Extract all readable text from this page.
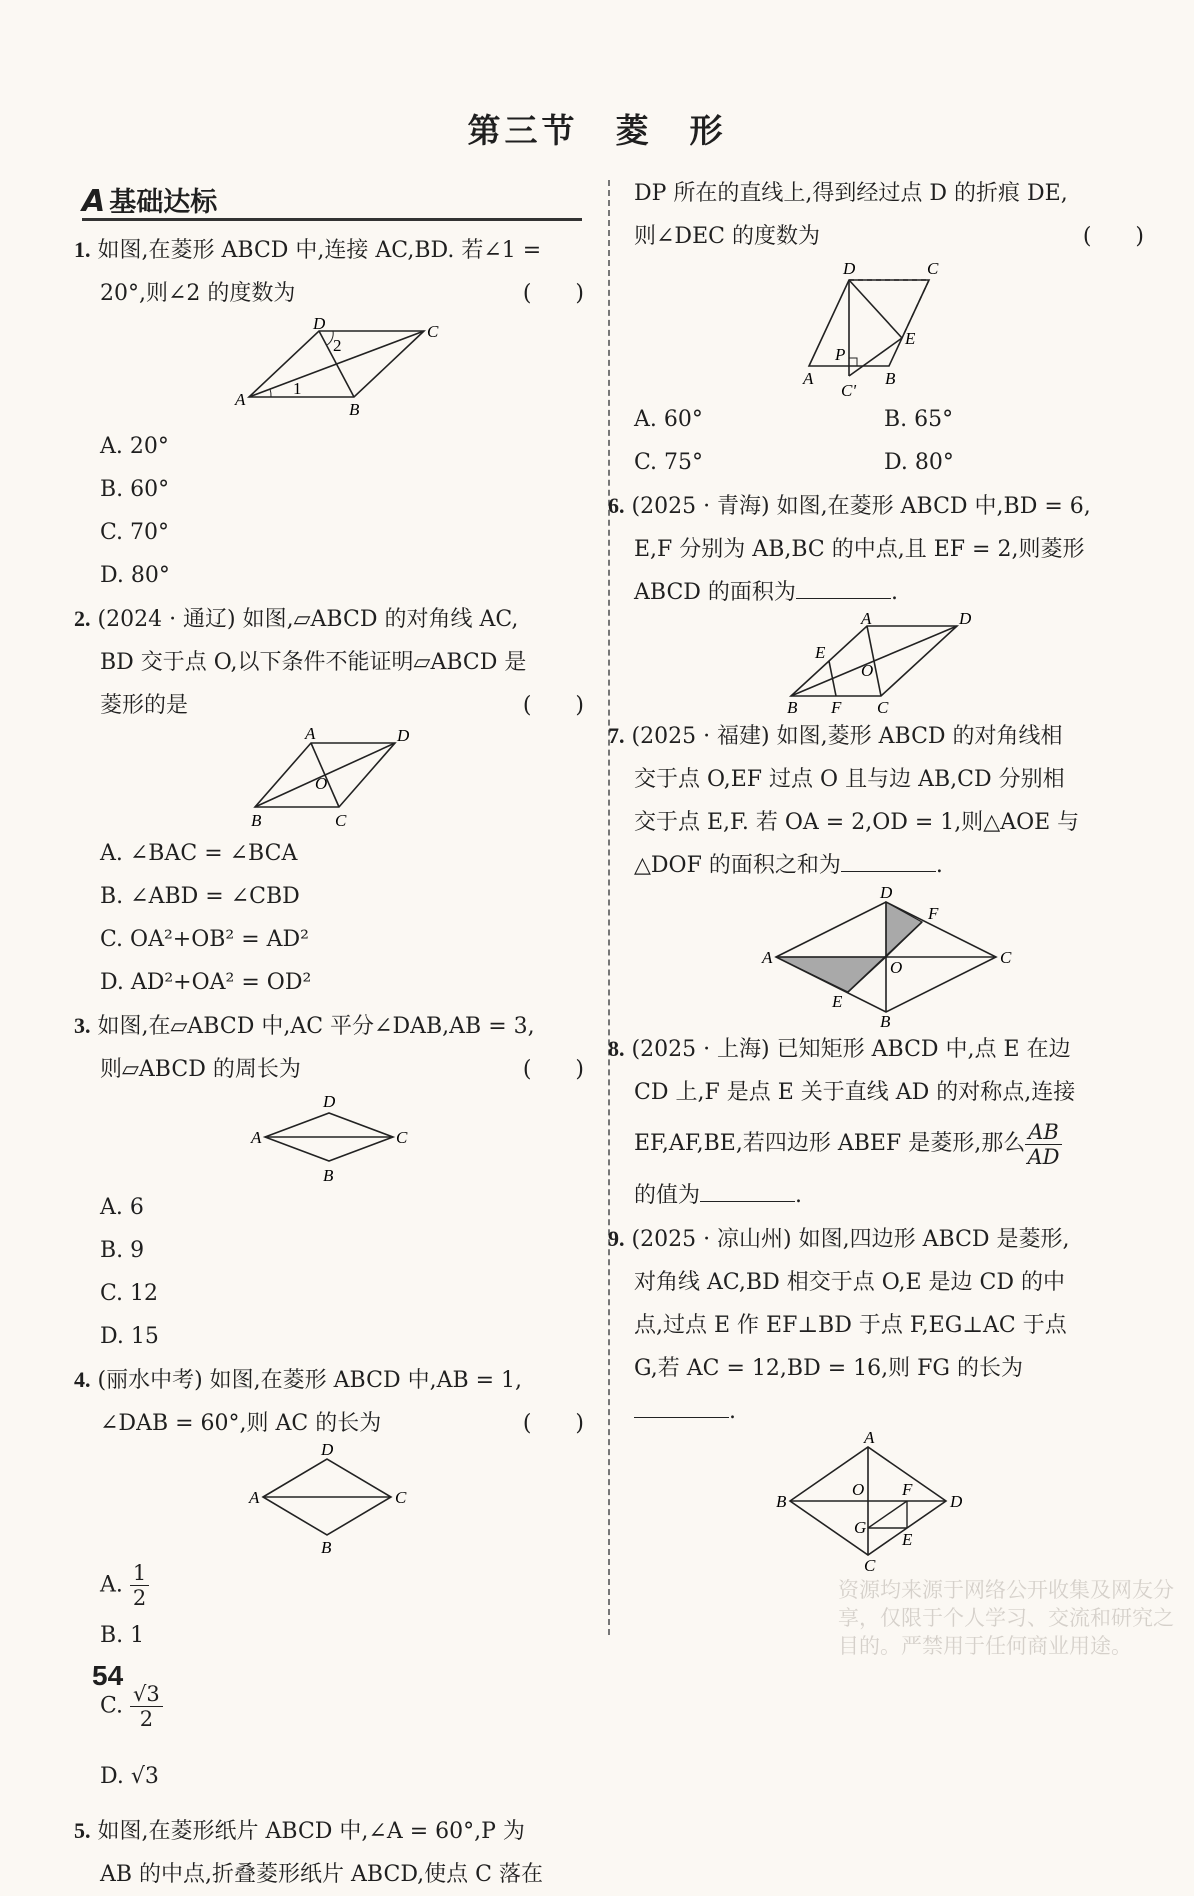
第三节　菱　形
A 基础达标
1. 如图,在菱形 ABCD 中,连接 AC,BD. 若∠1 =
20°,则∠2 的度数为	(　　)
A
B
C
D
1
2
A. 20°
B. 60°
C. 70°
D. 80°
2. (2024 · 通辽) 如图,▱ABCD 的对角线 AC,
BD 交于点 O,以下条件不能证明▱ABCD 是
菱形的是	(　　)
B	C
D
A
O
A. ∠BAC = ∠BCA
B. ∠ABD = ∠CBD
C. OA²+OB² = AD²
D. AD²+OA² = OD²
3. 如图,在▱ABCD 中,AC 平分∠DAB,AB = 3,
则▱ABCD 的周长为	(　　)
D
A	C
B
A. 6
B. 9
C. 12
D. 15
4. (丽水中考) 如图,在菱形 ABCD 中,AB = 1,
∠DAB = 60°,则 AC 的长为	(　　)
D
A	C
B
A. $\frac{1}{2}$
B. 1
C. $\frac{√3}{2}$
D. √3
5. 如图,在菱形纸片 ABCD 中,∠A = 60°,P 为
AB 的中点,折叠菱形纸片 ABCD,使点 C 落在
DP 所在的直线上,得到经过点 D 的折痕 DE,
则∠DEC 的度数为	(　　)
A	B
C
D
E
P
C'
A. 60°	B. 65°
C. 75°	D. 80°
6. (2025 · 青海) 如图,在菱形 ABCD 中,BD = 6,
E,F 分别为 AB,BC 的中点,且 EF = 2,则菱形
ABCD 的面积为	.
B F C
D
A
E
O
7. (2025 · 福建) 如图,菱形 ABCD 的对角线相
交于点 O,EF 过点 O 且与边 AB,CD 分别相
交于点 E,F. 若 OA = 2,OD = 1,则△AOE 与
△DOF 的面积之和为	.
D
F
A	C
O
E
B
8. (2025 · 上海) 已知矩形 ABCD 中,点 E 在边
CD 上,F 是点 E 关于直线 AD 的对称点,连接
EF,AF,BE,若四边形 ABEF 是菱形,那么 $\frac{AB}{AD}$
的值为	.
9. (2025 · 凉山州) 如图,四边形 ABCD 是菱形,
对角线 AC,BD 相交于点 O,E 是边 CD 的中
点,过点 E 作 EF⊥BD 于点 F,EG⊥AC 于点
G,若 AC = 12,BD = 16,则 FG 的长为
.
A
B	D
C
O F
G
E
54
资源均来源于网络公开收集及网友分享，仅限于个人学习、交流和研究之目的。严禁用于任何商业用途。
